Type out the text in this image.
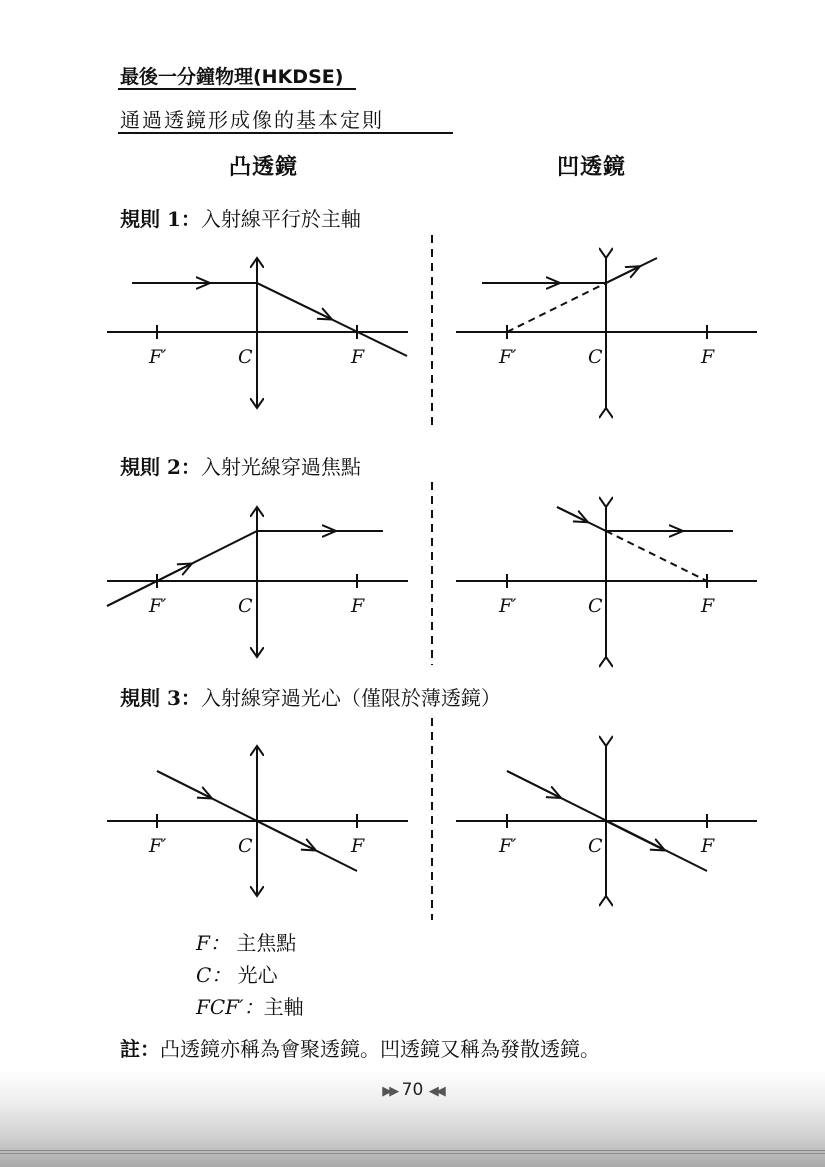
最後一分鐘物理(HKDSE)
通過透鏡形成像的基本定則
凸透鏡	凹透鏡
規則 1：入射線平行於主軸
規則 2：入射光線穿過焦點
規則 3：入射線穿過光心（僅限於薄透鏡）
F′	C	F	F′	C	F
F′	C	F	F′	C	F
F′	C	F	F′	C	F
F： 主焦點
C： 光心
FCF′：主軸
註：凸透鏡亦稱為會聚透鏡。凹透鏡又稱為發散透鏡。
▶▶ 70 ◀◀
